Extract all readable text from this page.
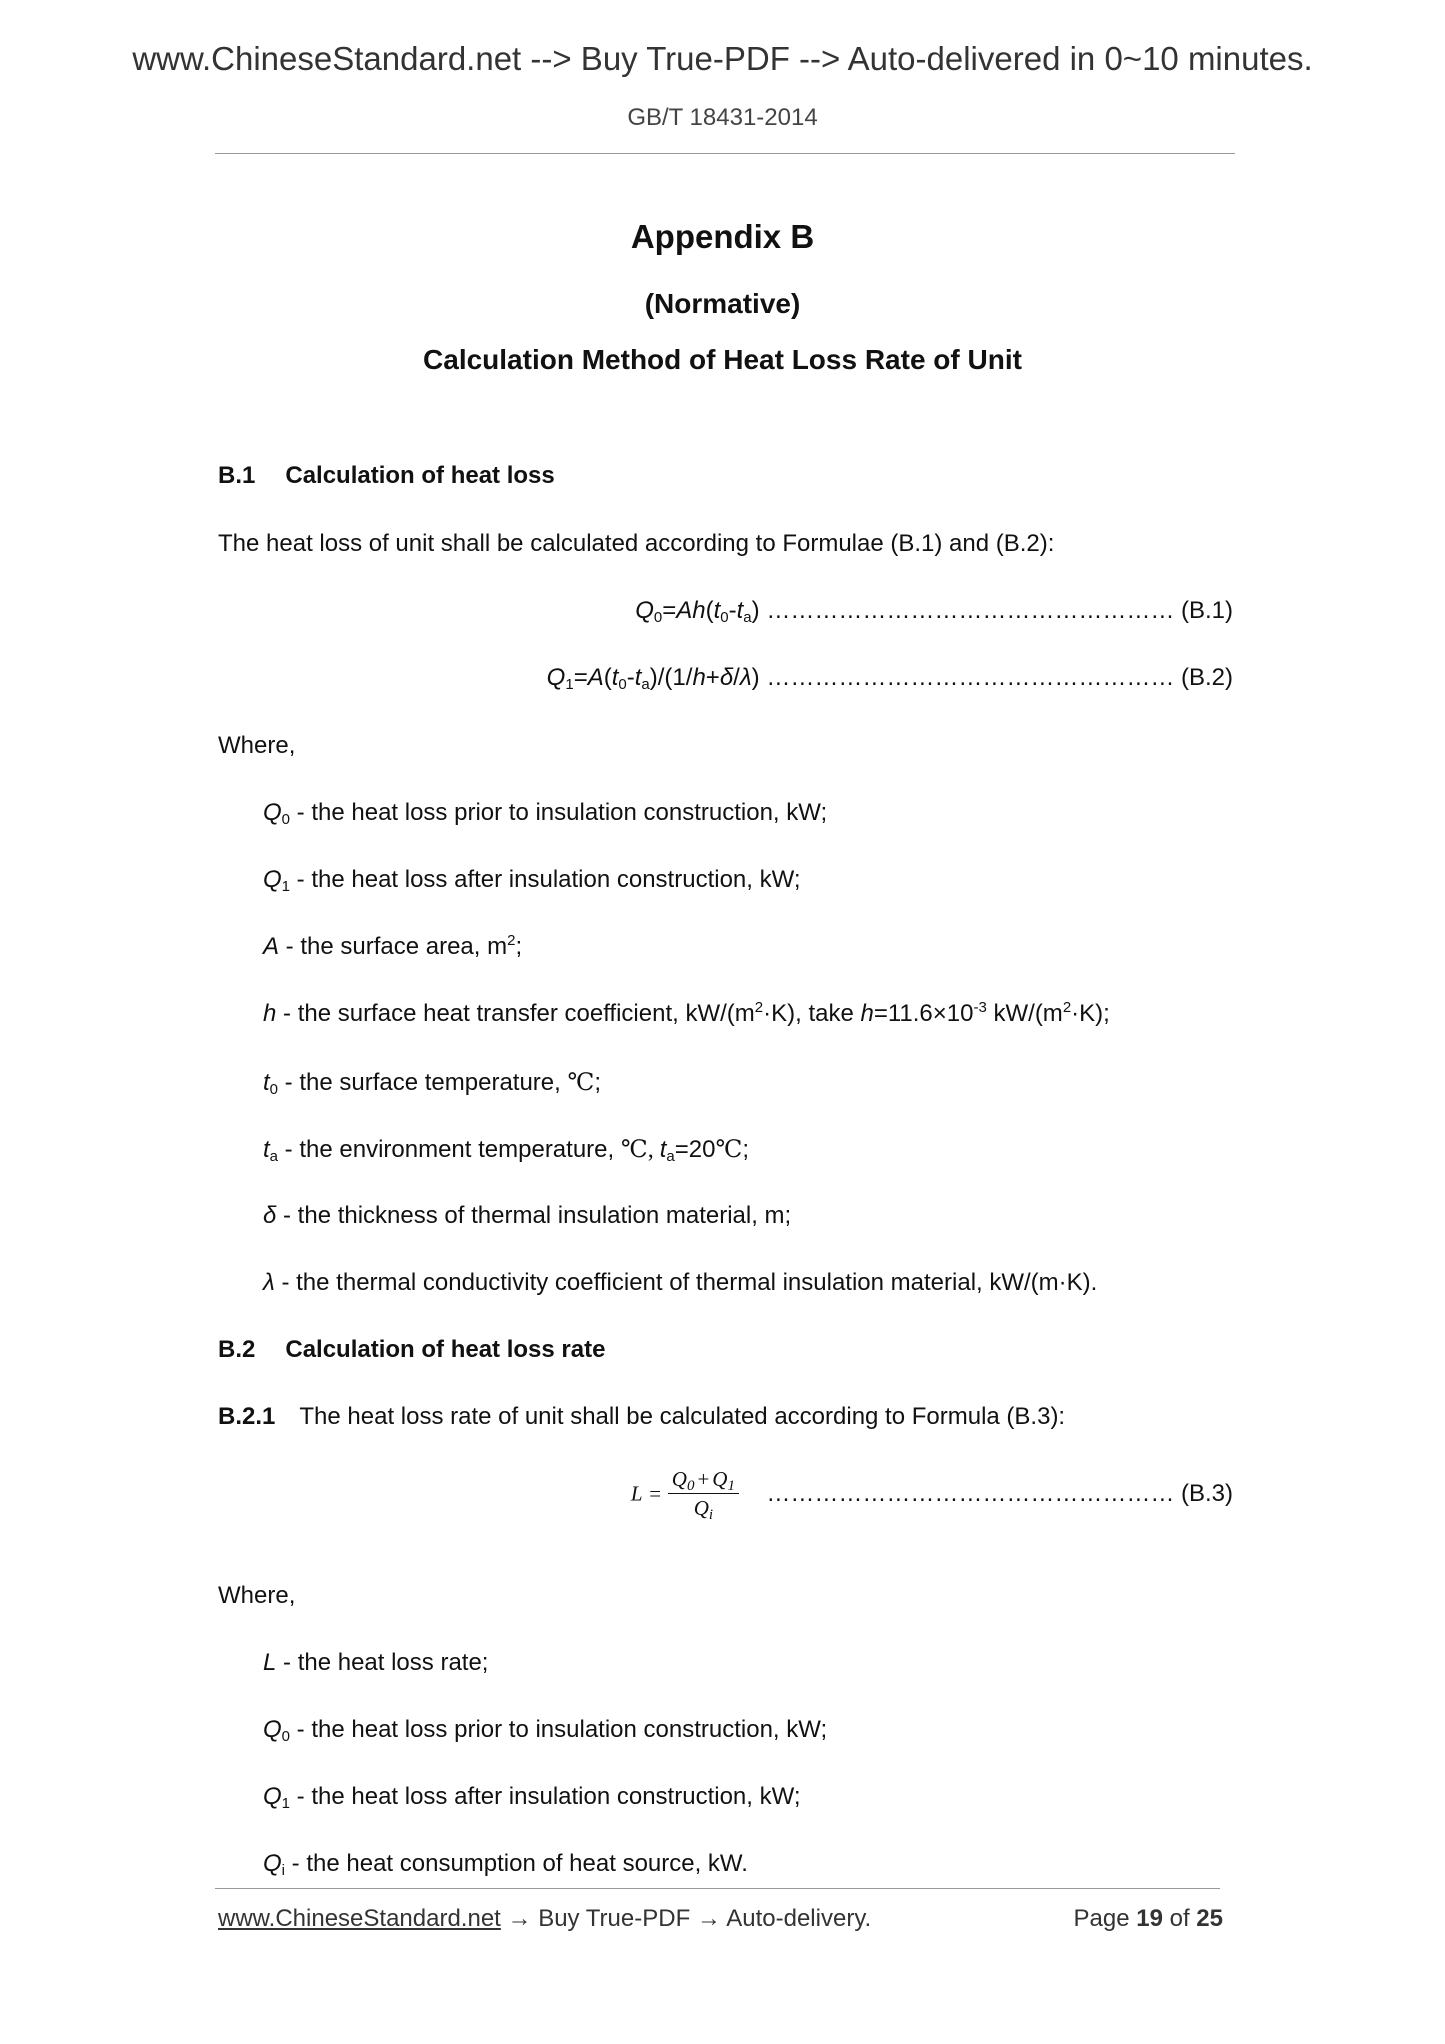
www.ChineseStandard.net --> Buy True-PDF --> Auto-delivered in 0~10 minutes.
GB/T 18431-2014
Appendix B
(Normative)
Calculation Method of Heat Loss Rate of Unit
B.1 Calculation of heat loss
The heat loss of unit shall be calculated according to Formulae (B.1) and (B.2):
$Q_0=Ah(t_0-t_a)$ …………………………………………… (B.1)
$Q_1=A(t_0-t_a)/(1/h+\delta/\lambda)$ …………………………………………… (B.2)
Where,
$Q_0$ - the heat loss prior to insulation construction, kW;
$Q_1$ - the heat loss after insulation construction, kW;
A - the surface area, $m^2$;
h - the surface heat transfer coefficient, $kW/(m^2\cdot K)$, take $h=11.6\times 10^{-3}$ $kW/(m^2\cdot K)$;
$t_0$ - the surface temperature, ℃;
$t_a$ - the environment temperature, ℃, $t_a=20℃$;
δ - the thickness of thermal insulation material, m;
λ - the thermal conductivity coefficient of thermal insulation material, kW/(m·K).
B.2 Calculation of heat loss rate
B.2.1 The heat loss rate of unit shall be calculated according to Formula (B.3):
$L = \frac{Q_0 + Q_1}{Q_i}$ …………………………………………… (B.3)
Where,
L - the heat loss rate;
$Q_0$ - the heat loss prior to insulation construction, kW;
$Q_1$ - the heat loss after insulation construction, kW;
$Q_i$ - the heat consumption of heat source, kW.
www.ChineseStandard.net → Buy True-PDF → Auto-delivery.	Page 19 of 25
